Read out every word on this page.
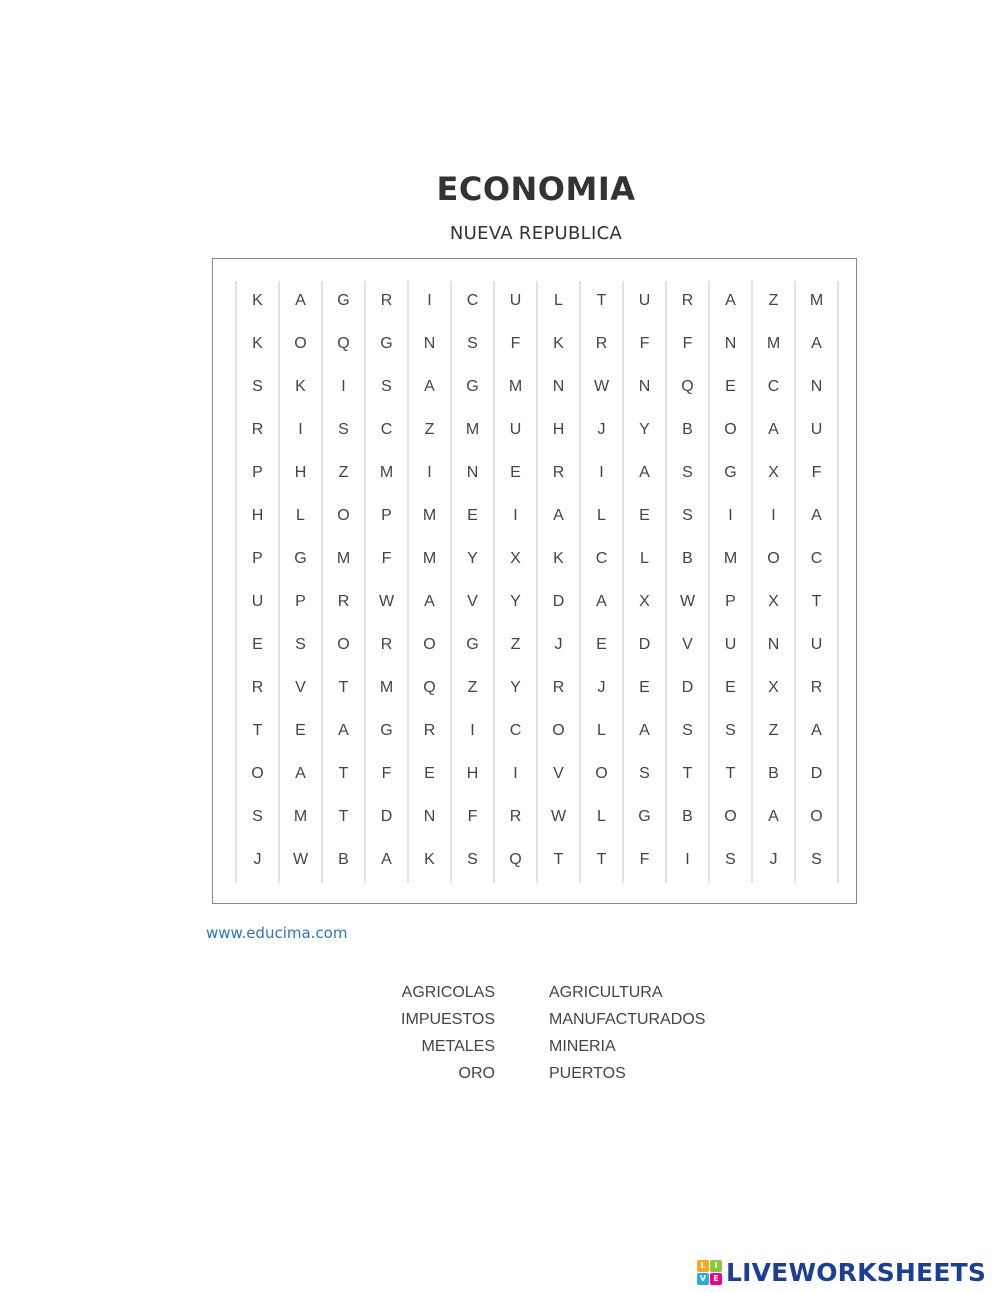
ECONOMIA
NUEVA REPUBLICA
K	A	G	R	I	C	U	L	T	U	R	A	Z	M
K	O	Q	G	N	S	F	K	R	F	F	N	M	A
S	K	I	S	A	G	M	N	W	N	Q	E	C	N
R	I	S	C	Z	M	U	H	J	Y	B	O	A	U
P	H	Z	M	I	N	E	R	I	A	S	G	X	F
H	L	O	P	M	E	I	A	L	E	S	I	I	A
P	G	M	F	M	Y	X	K	C	L	B	M	O	C
U	P	R	W	A	V	Y	D	A	X	W	P	X	T
E	S	O	R	O	G	Z	J	E	D	V	U	N	U
R	V	T	M	Q	Z	Y	R	J	E	D	E	X	R
T	E	A	G	R	I	C	O	L	A	S	S	Z	A
O	A	T	F	E	H	I	V	O	S	T	T	B	D
S	M	T	D	N	F	R	W	L	G	B	O	A	O
J	W	B	A	K	S	Q	T	T	F	I	S	J	S
www.educima.com
AGRICOLAS
IMPUESTOS
METALES
ORO
AGRICULTURA
MANUFACTURADOS
MINERIA
PUERTOS
L	I
V E LIVEWORKSHEETS
